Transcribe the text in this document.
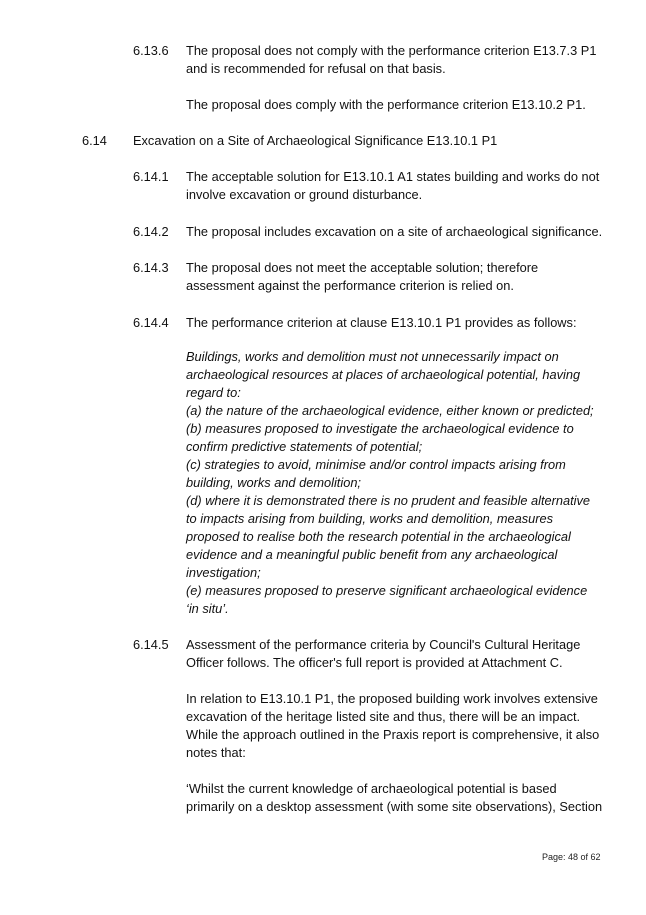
6.13.6 The proposal does not comply with the performance criterion E13.7.3 P1
and is recommended for refusal on that basis.
The proposal does comply with the performance criterion E13.10.2 P1.
6.14 Excavation on a Site of Archaeological Significance E13.10.1 P1
6.14.1 The acceptable solution for E13.10.1 A1 states building and works do not
involve excavation or ground disturbance.
6.14.2 The proposal includes excavation on a site of archaeological significance.
6.14.3 The proposal does not meet the acceptable solution; therefore
assessment against the performance criterion is relied on.
6.14.4 The performance criterion at clause E13.10.1 P1 provides as follows:
Buildings, works and demolition must not unnecessarily impact on
archaeological resources at places of archaeological potential, having
regard to:
(a) the nature of the archaeological evidence, either known or predicted;
(b) measures proposed to investigate the archaeological evidence to
confirm predictive statements of potential;
(c) strategies to avoid, minimise and/or control impacts arising from
building, works and demolition;
(d) where it is demonstrated there is no prudent and feasible alternative
to impacts arising from building, works and demolition, measures
proposed to realise both the research potential in the archaeological
evidence and a meaningful public benefit from any archaeological
investigation;
(e) measures proposed to preserve significant archaeological evidence
‘in situ’.
6.14.5 Assessment of the performance criteria by Council's Cultural Heritage
Officer follows. The officer's full report is provided at Attachment C.
In relation to E13.10.1 P1, the proposed building work involves extensive
excavation of the heritage listed site and thus, there will be an impact.
While the approach outlined in the Praxis report is comprehensive, it also
notes that:
‘Whilst the current knowledge of archaeological potential is based
primarily on a desktop assessment (with some site observations), Section
Page: 48 of 62
